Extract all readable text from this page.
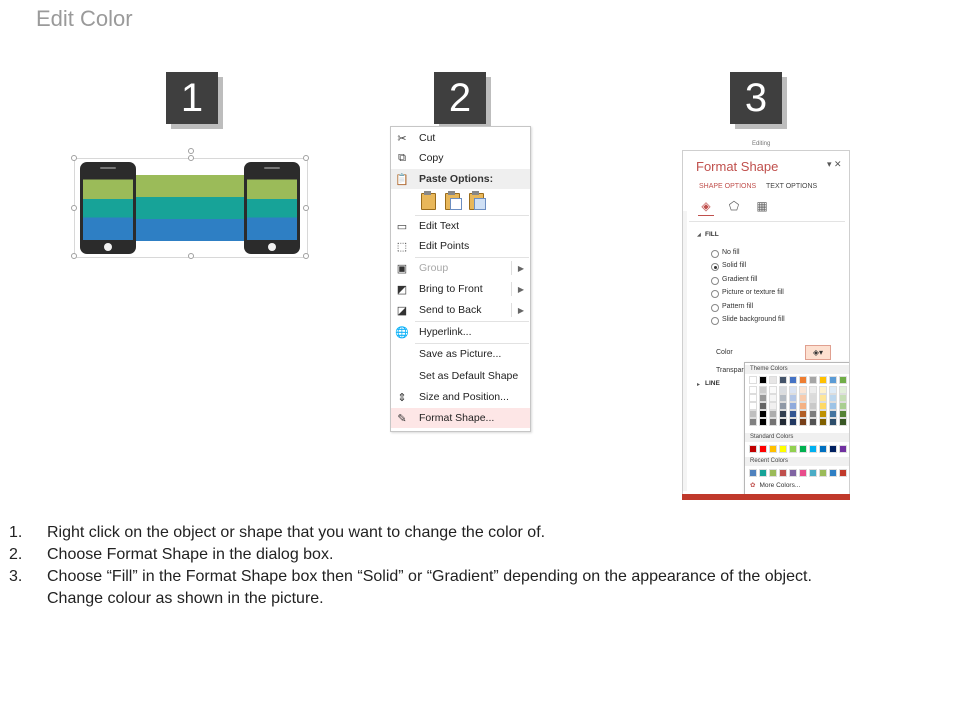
Edit Color
1	2	3
✂ Cut
⧉ Copy
📋 Paste Options:
▭ Edit Text
⬚ Edit Points
▣ Group	▶
◩ Bring to Front	▶
◪ Send to Back	▶
🌐 Hyperlink...
Save as Picture...
Set as Default Shape
⇕ Size and Position...
✎ Format Shape...
Editing
Format Shape	▾ ✕
SHAPE OPTIONS TEXT OPTIONS
◈ ⬠ ▦
◢ FILL
No fill
Solid fill
Gradient fill
Picture or texture fill
Pattern fill
Slide background fill
Color	◈▾
Transpar
▸ LINE
Theme Colors
Standard Colors
Recent Colors
✿ More Colors...
1. Right click on the object or shape that you want to change the color of.
2. Choose Format Shape in the dialog box.
3. Choose “Fill” in the Format Shape box then “Solid” or “Gradient” depending on the appearance of the object.
Change colour as shown in the picture.
